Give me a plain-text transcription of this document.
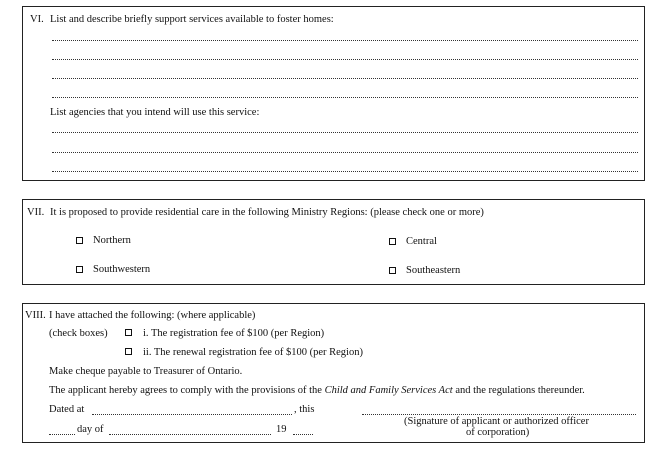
VI. List and describe briefly support services available to foster homes:
List agencies that you intend will use this service:
VII. It is proposed to provide residential care in the following Ministry Regions: (please check one or more)
Northern	Central
Southwestern	Southeastern
VIII. I have attached the following: (where applicable)
(check boxes)	i. The registration fee of $100 (per Region)
ii. The renewal registration fee of $100 (per Region)
Make cheque payable to Treasurer of Ontario.
The applicant hereby agrees to comply with the provisions of the Child and Family Services Act and the regulations thereunder.
Dated at	, this
day of	19
(Signature of applicant or authorized officer
of corporation)
